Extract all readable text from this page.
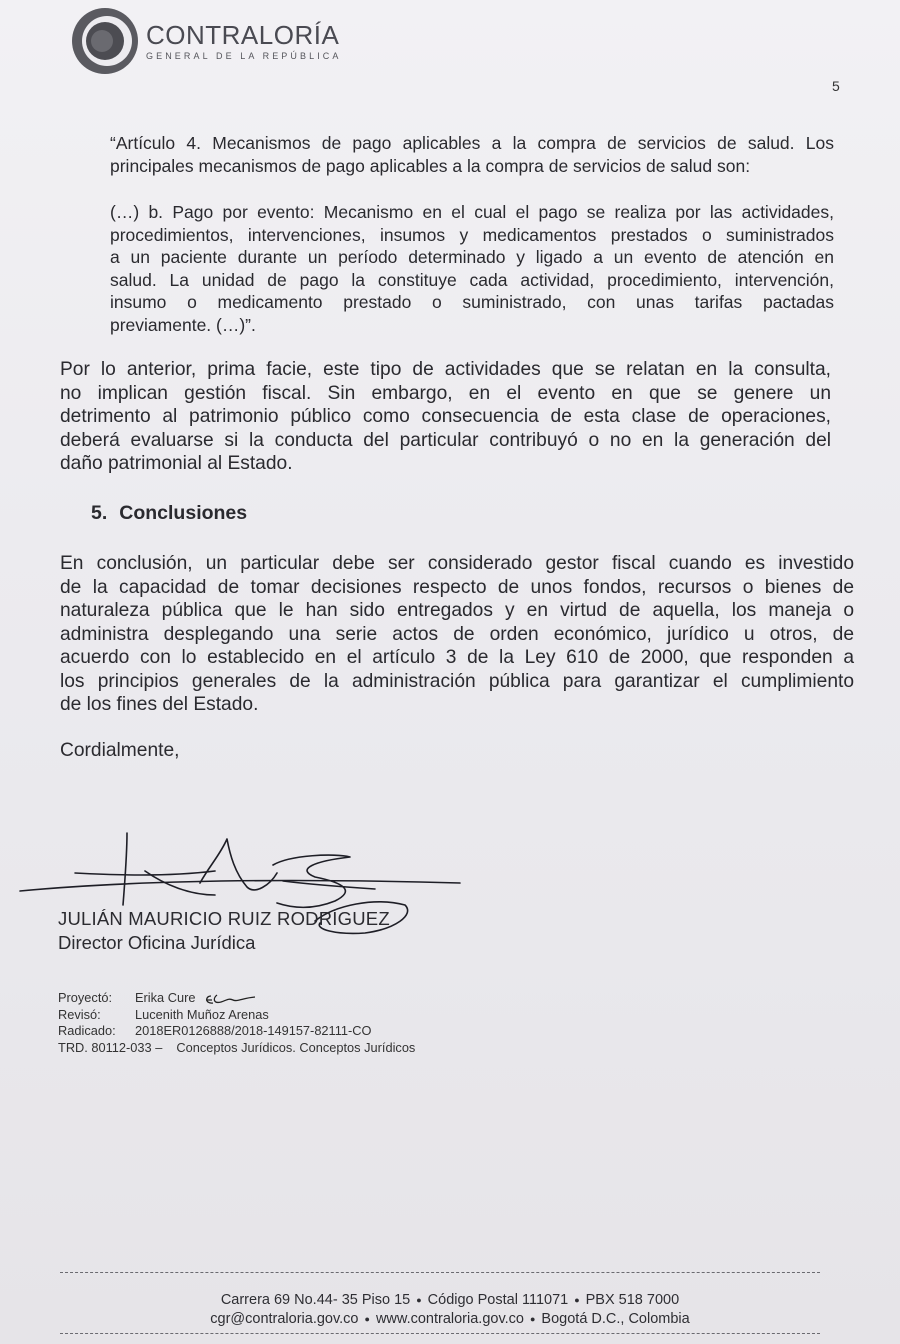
CONTRALORÍA
GENERAL DE LA REPÚBLICA
5
“Artículo 4. Mecanismos de pago aplicables a la compra de servicios de salud. Los
principales mecanismos de pago aplicables a la compra de servicios de salud son:
(…) b. Pago por evento: Mecanismo en el cual el pago se realiza por las actividades,
procedimientos, intervenciones, insumos y medicamentos prestados o suministrados
a un paciente durante un período determinado y ligado a un evento de atención en
salud. La unidad de pago la constituye cada actividad, procedimiento, intervención,
insumo o medicamento prestado o suministrado, con unas tarifas pactadas
previamente. (…)”.
Por lo anterior, prima facie, este tipo de actividades que se relatan en la consulta,
no implican gestión fiscal. Sin embargo, en el evento en que se genere un
detrimento al patrimonio público como consecuencia de esta clase de operaciones,
deberá evaluarse si la conducta del particular contribuyó o no en la generación del
daño patrimonial al Estado.
5. Conclusiones
En conclusión, un particular debe ser considerado gestor fiscal cuando es investido
de la capacidad de tomar decisiones respecto de unos fondos, recursos o bienes de
naturaleza pública que le han sido entregados y en virtud de aquella, los maneja o
administra desplegando una serie actos de orden económico, jurídico u otros, de
acuerdo con lo establecido en el artículo 3 de la Ley 610 de 2000, que responden a
los principios generales de la administración pública para garantizar el cumplimiento
de los fines del Estado.
Cordialmente,
JULIÁN MAURICIO RUIZ RODRÍGUEZ
Director Oficina Jurídica
Proyectó: Erika Cure
Revisó:	Lucenith Muñoz Arenas
Radicado: 2018ER0126888/2018-149157-82111-CO
TRD. 80112-033 – Conceptos Jurídicos. Conceptos Jurídicos
Carrera 69 No.44- 35 Piso 15 ● Código Postal 111071 ● PBX 518 7000
cgr@contraloria.gov.co ● www.contraloria.gov.co ● Bogotá D.C., Colombia
